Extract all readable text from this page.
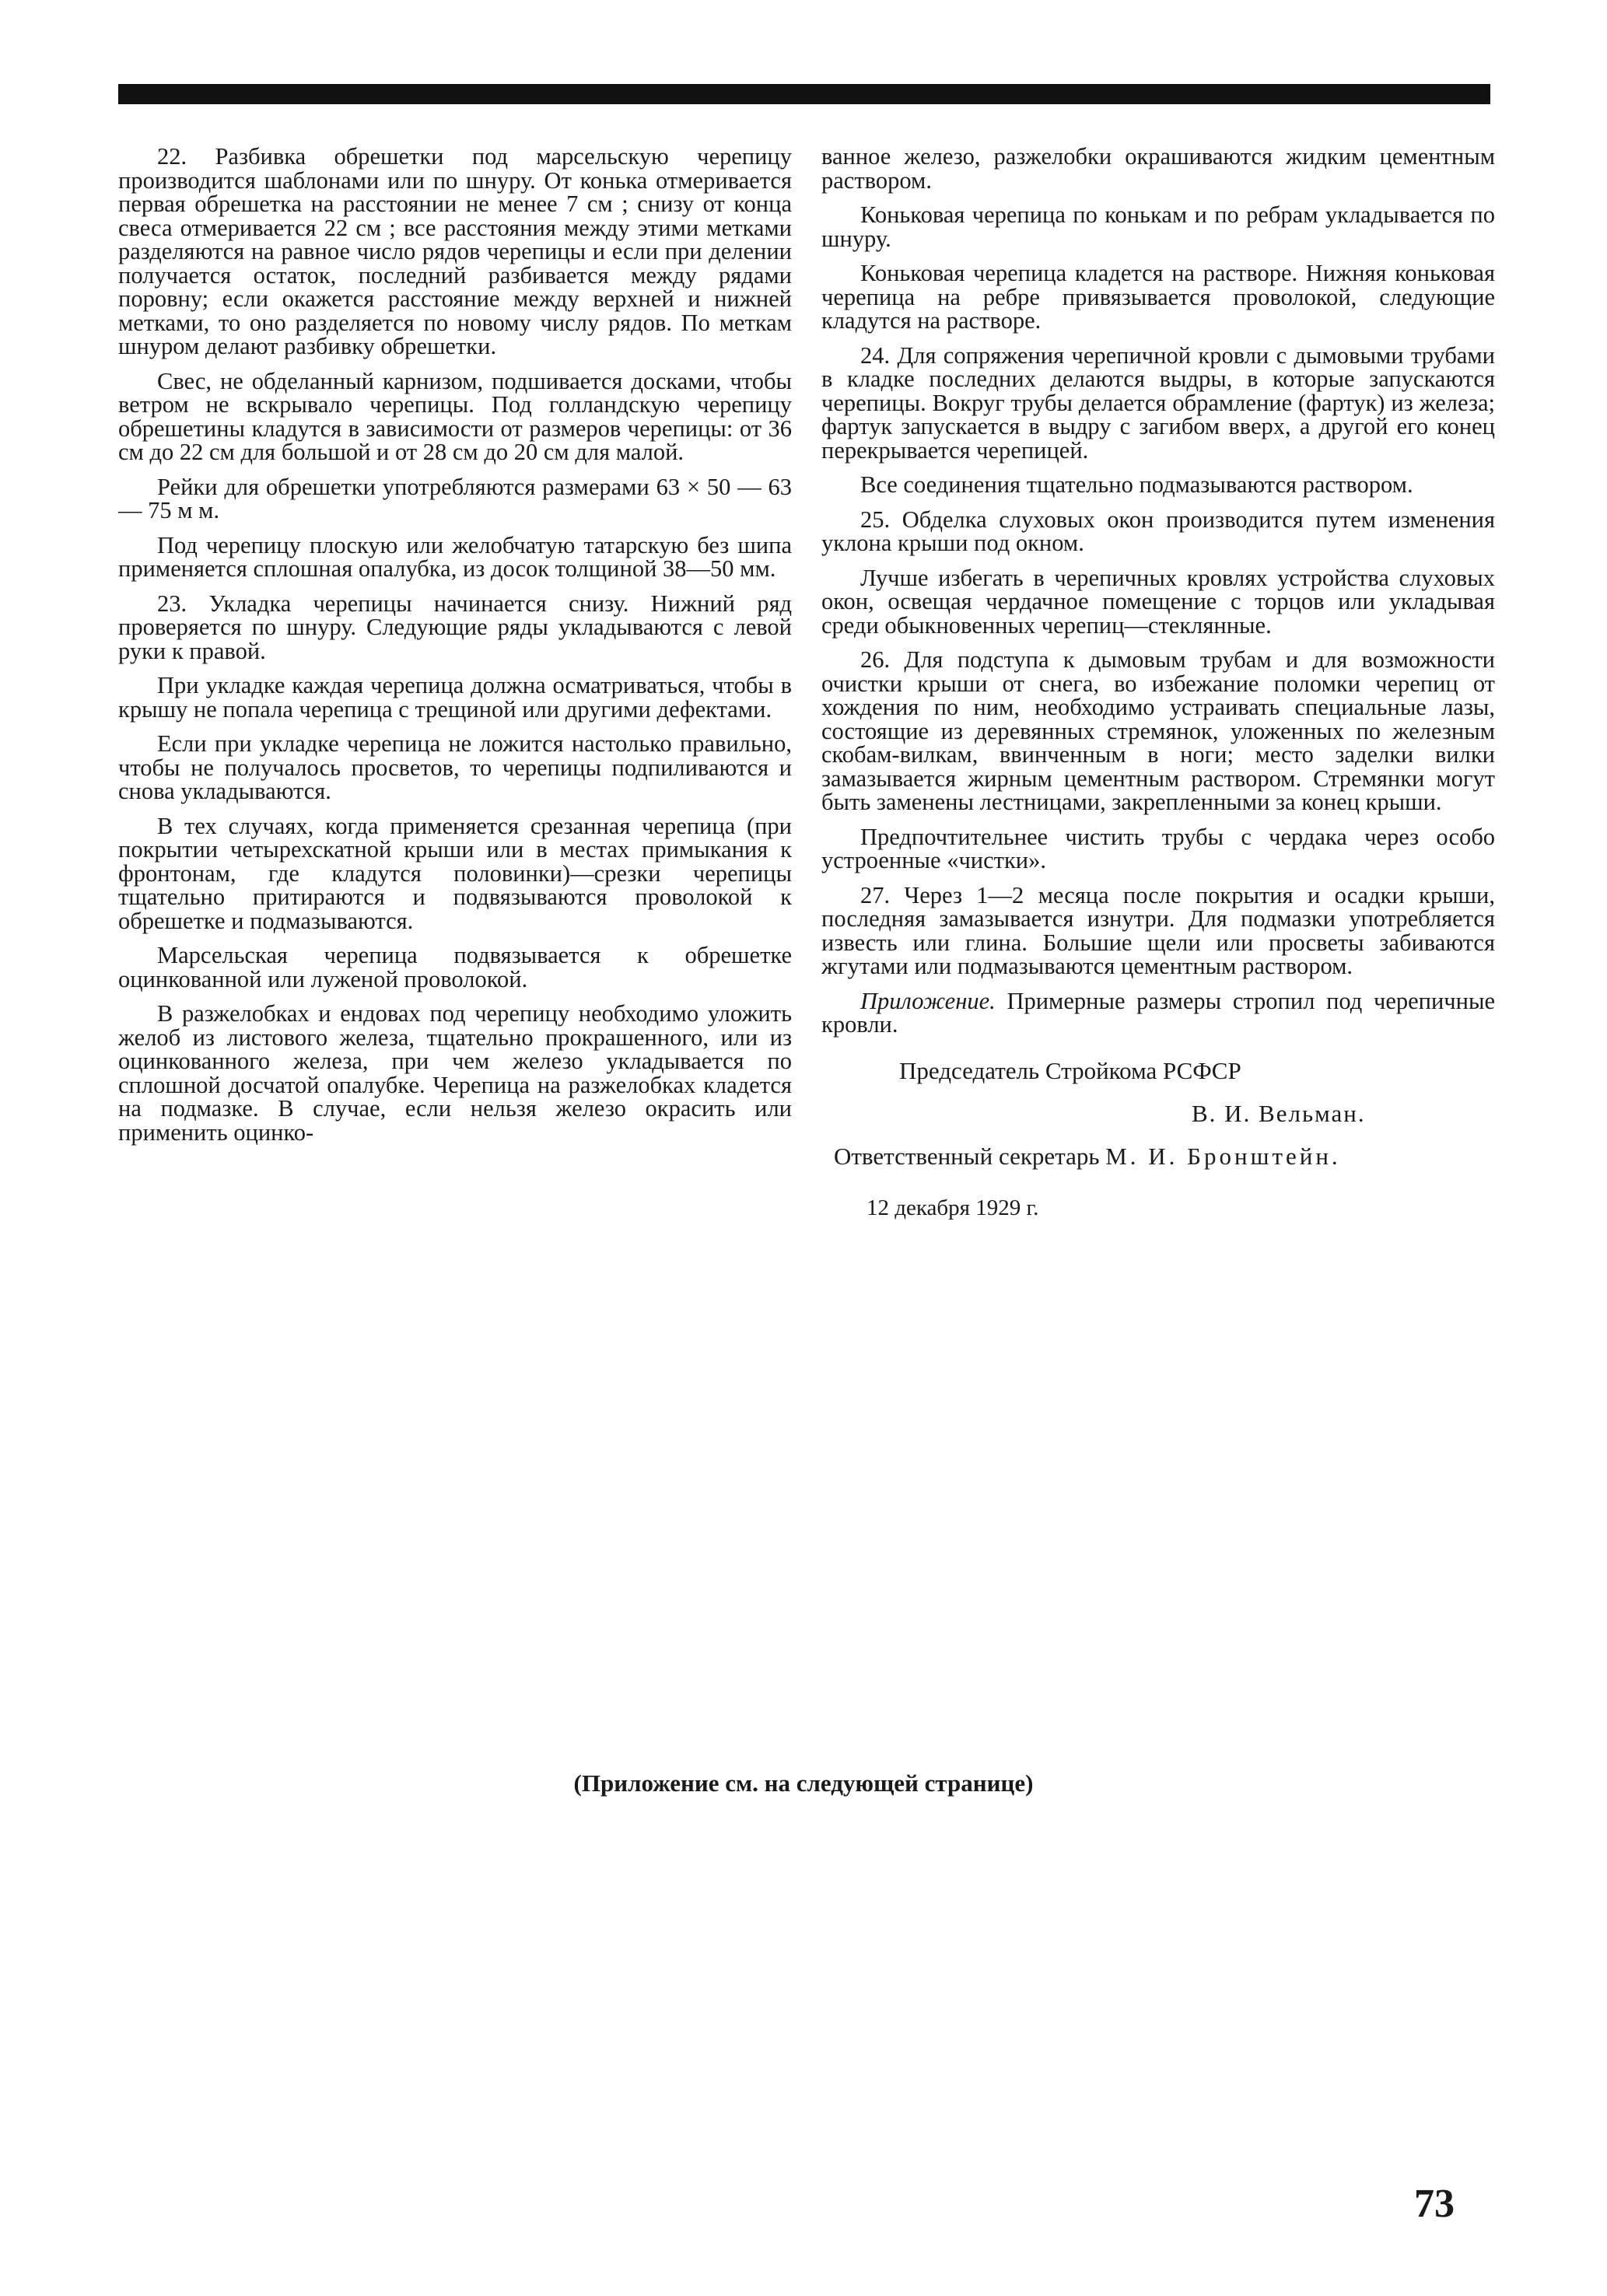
22. Разбивка обрешетки под марсельскую черепицу производится шаблонами или по шнуру. От конька отмеривается первая обрешетка на расстоянии не менее 7 см ; снизу от конца свеса отмеривается 22 см ; все расстояния между этими метками разделяются на равное число рядов черепицы и если при делении получается остаток, последний разбивается между рядами поровну; если окажется расстояние между верхней и нижней метками, то оно разделяется по новому числу рядов. По меткам шнуром делают разбивку обрешетки.

Свес, не обделанный карнизом, подшивается досками, чтобы ветром не вскрывало черепицы. Под голландскую черепицу обрешетины кладутся в зависимости от размеров черепицы: от 36 см до 22 см для большой и от 28 см до 20 см для малой.

Рейки для обрешетки употребляются размерами 63 × 50 — 63 — 75 м м.

Под черепицу плоскую или желобчатую татарскую без шипа применяется сплошная опалубка, из досок толщиной 38—50 мм.

23. Укладка черепицы начинается снизу. Нижний ряд проверяется по шнуру. Следующие ряды укладываются с левой руки к правой.

При укладке каждая черепица должна осматриваться, чтобы в крышу не попала черепица с трещиной или другими дефектами.

Если при укладке черепица не ложится настолько правильно, чтобы не получалось просветов, то черепицы подпиливаются и снова укладываются.

В тех случаях, когда применяется срезанная черепица (при покрытии четырехскатной крыши или в местах примыкания к фронтонам, где кладутся половинки)—срезки черепицы тщательно притираются и подвязываются проволокой к обрешетке и подмазываются.

Марсельская черепица подвязывается к обрешетке оцинкованной или луженой проволокой.

В разжелобках и ендовах под черепицу необходимо уложить желоб из листового железа, тщательно прокрашенного, или из оцинкованного железа, при чем железо укладывается по сплошной досчатой опалубке. Черепица на разжелобках кладется на подмазке. В случае, если нельзя железо окрасить или применить оцинко-

ванное железо, разжелобки окрашиваются жидким цементным раствором.

Коньковая черепица по конькам и по ребрам укладывается по шнуру.

Коньковая черепица кладется на растворе. Нижняя коньковая черепица на ребре привязывается проволокой, следующие кладутся на растворе.

24. Для сопряжения черепичной кровли с дымовыми трубами в кладке последних делаются выдры, в которые запускаются черепицы. Вокруг трубы делается обрамление (фартук) из железа; фартук запускается в выдру с загибом вверх, а другой его конец перекрывается черепицей.

Все соединения тщательно подмазываются раствором.

25. Обделка слуховых окон производится путем изменения уклона крыши под окном.

Лучше избегать в черепичных кровлях устройства слуховых окон, освещая чердачное помещение с торцов или укладывая среди обыкновенных черепиц—стеклянные.

26. Для подступа к дымовым трубам и для возможности очистки крыши от снега, во избежание поломки черепиц от хождения по ним, необходимо устраивать специальные лазы, состоящие из деревянных стремянок, уложенных по железным скобам-вилкам, ввинченным в ноги; место заделки вилки замазывается жирным цементным раствором. Стремянки могут быть заменены лестницами, закрепленными за конец крыши.

Предпочтительнее чистить трубы с чердака через особо устроенные «чистки».

27. Через 1—2 месяца после покрытия и осадки крыши, последняя замазывается изнутри. Для подмазки употребляется известь или глина. Большие щели или просветы забиваются жгутами или подмазываются цементным раствором.

Приложение. Примерные размеры стропил под черепичные кровли.

Председатель Стройкома РСФСР
В. И. Вельман.
Ответственный секретарь М. И. Бронштейн.
12 декабря 1929 г.
(Приложение см. на следующей странице)
73
